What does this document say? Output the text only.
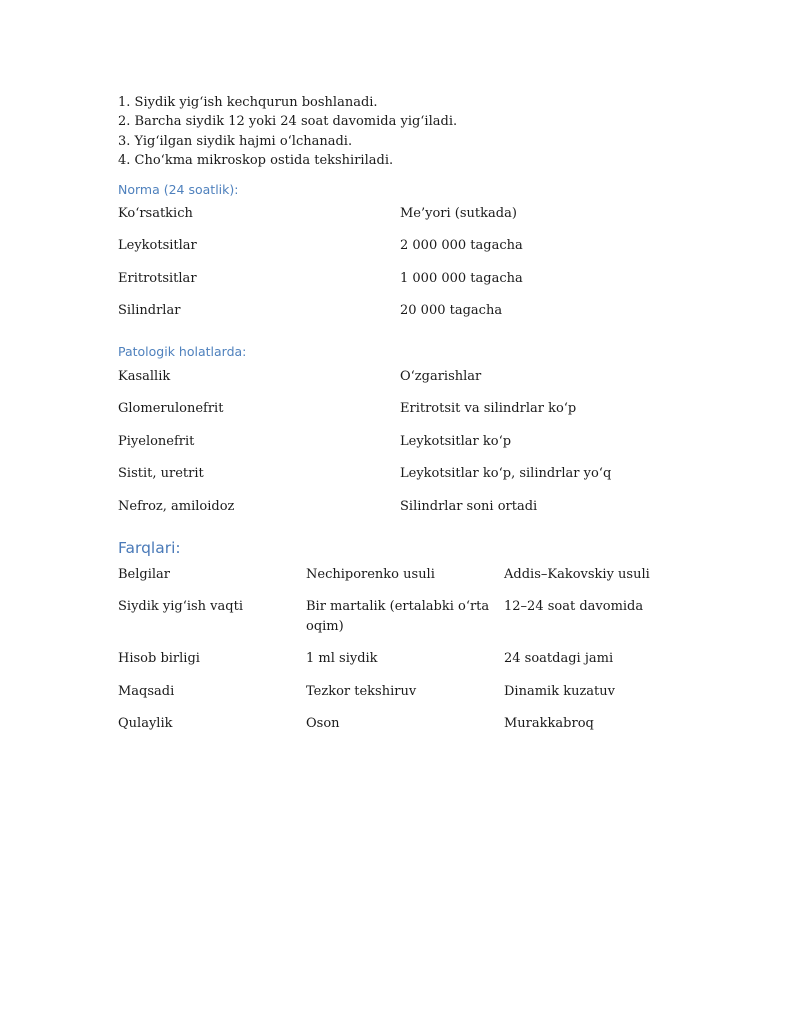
1. Siydik yig‘ish kechqurun boshlanadi.
2. Barcha siydik 12 yoki 24 soat davomida yig‘iladi.
3. Yig‘ilgan siydik hajmi o‘lchanadi.
4. Cho‘kma mikroskop ostida tekshiriladi.
Norma (24 soatlik):
Ko‘rsatkich	Me’yori (sutkada)
Leykotsitlar	2 000 000 tagacha
Eritrotsitlar	1 000 000 tagacha
Silindrlar	20 000 tagacha
Patologik holatlarda:
Kasallik	O‘zgarishlar
Glomerulonefrit	Eritrotsit va silindrlar ko‘p
Piyelonefrit	Leykotsitlar ko‘p
Sistit, uretrit	Leykotsitlar ko‘p, silindrlar yo‘q
Nefroz, amiloidoz	Silindrlar soni ortadi
Farqlari:
Belgilar	Nechiporenko usuli	Addis–Kakovskiy usuli
Siydik yig‘ish vaqti	Bir martalik (ertalabki o‘rta oqim)	12–24 soat davomida
Hisob birligi	1 ml siydik	24 soatdagi jami
Maqsadi	Tezkor tekshiruv	Dinamik kuzatuv
Qulaylik	Oson	Murakkabroq
